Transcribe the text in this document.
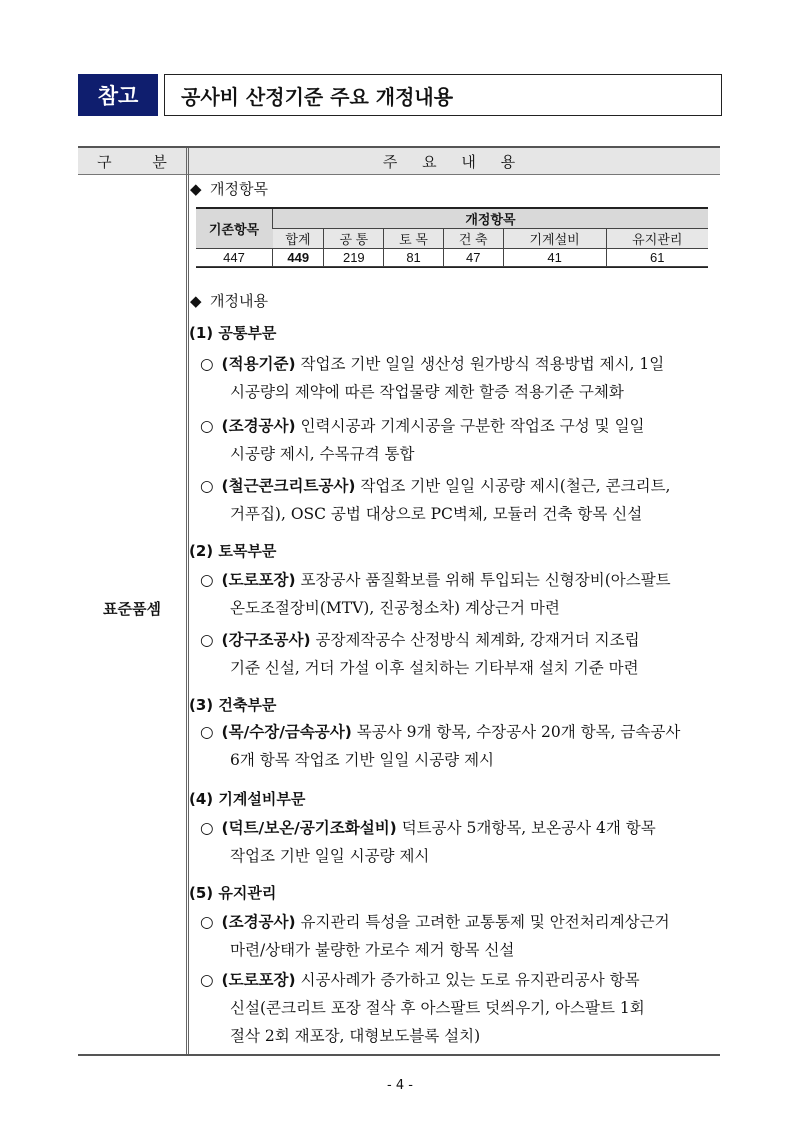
참고	공사비 산정기준 주요 개정내용
구 분	주 요 내 용
표준품셈
◆ 개정항목
기존항목	개정항목					
	합계	공 통	토 목	건 축	기계설비	유지관리
447	449	219	81	47	41	61
◆ 개정내용
(1) 공통부문
○ (적용기준) 작업조 기반 일일 생산성 원가방식 적용방법 제시, 1일
시공량의 제약에 따른 작업물량 제한 할증 적용기준 구체화
○ (조경공사) 인력시공과 기계시공을 구분한 작업조 구성 및 일일
시공량 제시, 수목규격 통합
○ (철근콘크리트공사) 작업조 기반 일일 시공량 제시(철근, 콘크리트,
거푸집), OSC 공법 대상으로 PC벽체, 모듈러 건축 항목 신설
(2) 토목부문
○ (도로포장) 포장공사 품질확보를 위해 투입되는 신형장비(아스팔트
온도조절장비(MTV), 진공청소차) 계상근거 마련
○ (강구조공사) 공장제작공수 산정방식 체계화, 강재거더 지조립
기준 신설, 거더 가설 이후 설치하는 기타부재 설치 기준 마련
(3) 건축부문
○ (목/수장/금속공사) 목공사 9개 항목, 수장공사 20개 항목, 금속공사
6개 항목 작업조 기반 일일 시공량 제시
(4) 기계설비부문
○ (덕트/보온/공기조화설비) 덕트공사 5개항목, 보온공사 4개 항목
작업조 기반 일일 시공량 제시
(5) 유지관리
○ (조경공사) 유지관리 특성을 고려한 교통통제 및 안전처리계상근거
마련/상태가 불량한 가로수 제거 항목 신설
○ (도로포장) 시공사례가 증가하고 있는 도로 유지관리공사 항목
신설(콘크리트 포장 절삭 후 아스팔트 덧씌우기, 아스팔트 1회
절삭 2회 재포장, 대형보도블록 설치)
- 4 -
